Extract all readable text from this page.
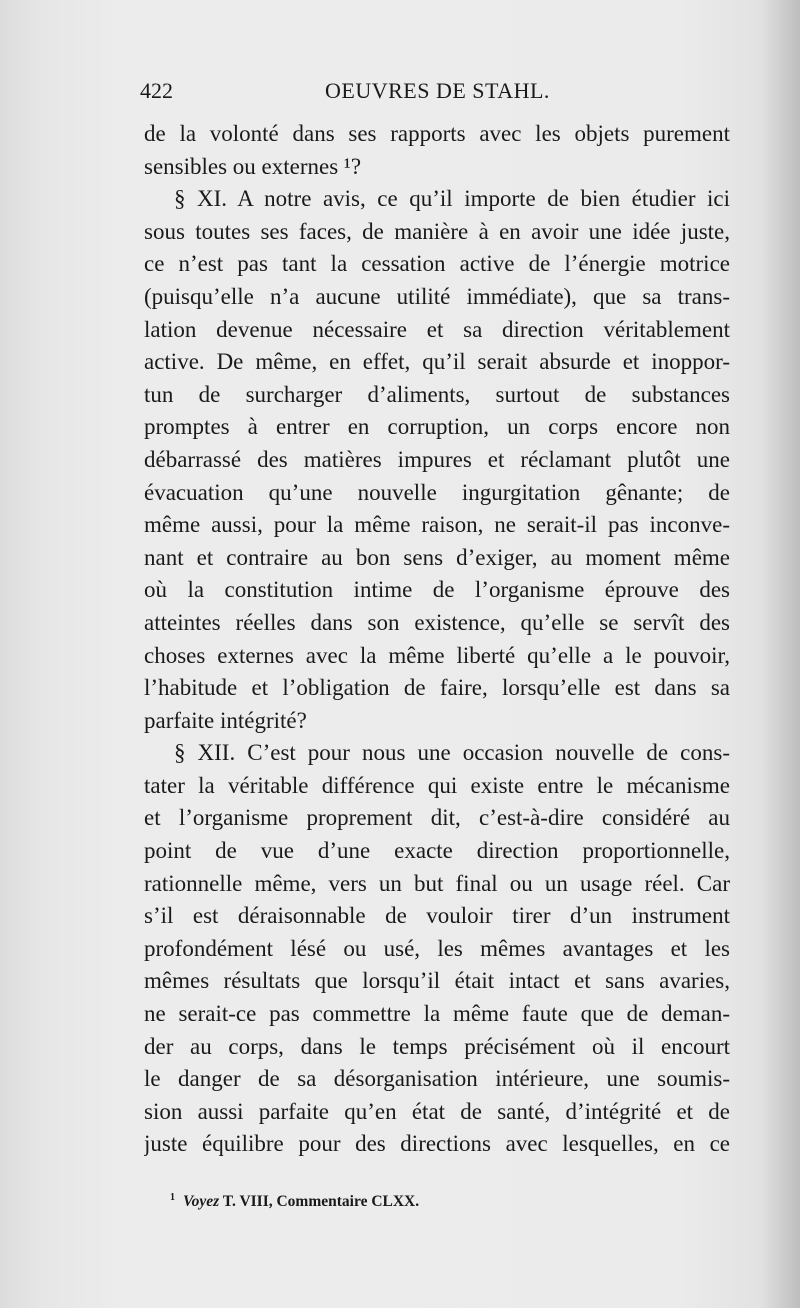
422	OEUVRES DE STAHL.
de la volonté dans ses rapports avec les objets purement
sensibles ou externes ¹?
§ XI. A notre avis, ce qu’il importe de bien étudier ici
sous toutes ses faces, de manière à en avoir une idée juste,
ce n’est pas tant la cessation active de l’énergie motrice
(puisqu’elle n’a aucune utilité immédiate), que sa trans-
lation devenue nécessaire et sa direction véritablement
active. De même, en effet, qu’il serait absurde et inoppor-
tun de surcharger d’aliments, surtout de substances
promptes à entrer en corruption, un corps encore non
débarrassé des matières impures et réclamant plutôt une
évacuation qu’une nouvelle ingurgitation gênante; de
même aussi, pour la même raison, ne serait-il pas inconve-
nant et contraire au bon sens d’exiger, au moment même
où la constitution intime de l’organisme éprouve des
atteintes réelles dans son existence, qu’elle se servît des
choses externes avec la même liberté qu’elle a le pouvoir,
l’habitude et l’obligation de faire, lorsqu’elle est dans sa
parfaite intégrité?
§ XII. C’est pour nous une occasion nouvelle de cons-
tater la véritable différence qui existe entre le mécanisme
et l’organisme proprement dit, c’est-à-dire considéré au
point de vue d’une exacte direction proportionnelle,
rationnelle même, vers un but final ou un usage réel. Car
s’il est déraisonnable de vouloir tirer d’un instrument
profondément lésé ou usé, les mêmes avantages et les
mêmes résultats que lorsqu’il était intact et sans avaries,
ne serait-ce pas commettre la même faute que de deman-
der au corps, dans le temps précisément où il encourt
le danger de sa désorganisation intérieure, une soumis-
sion aussi parfaite qu’en état de santé, d’intégrité et de
juste équilibre pour des directions avec lesquelles, en ce
$^1$ Voyez T. VIII, Commentaire CLXX.
